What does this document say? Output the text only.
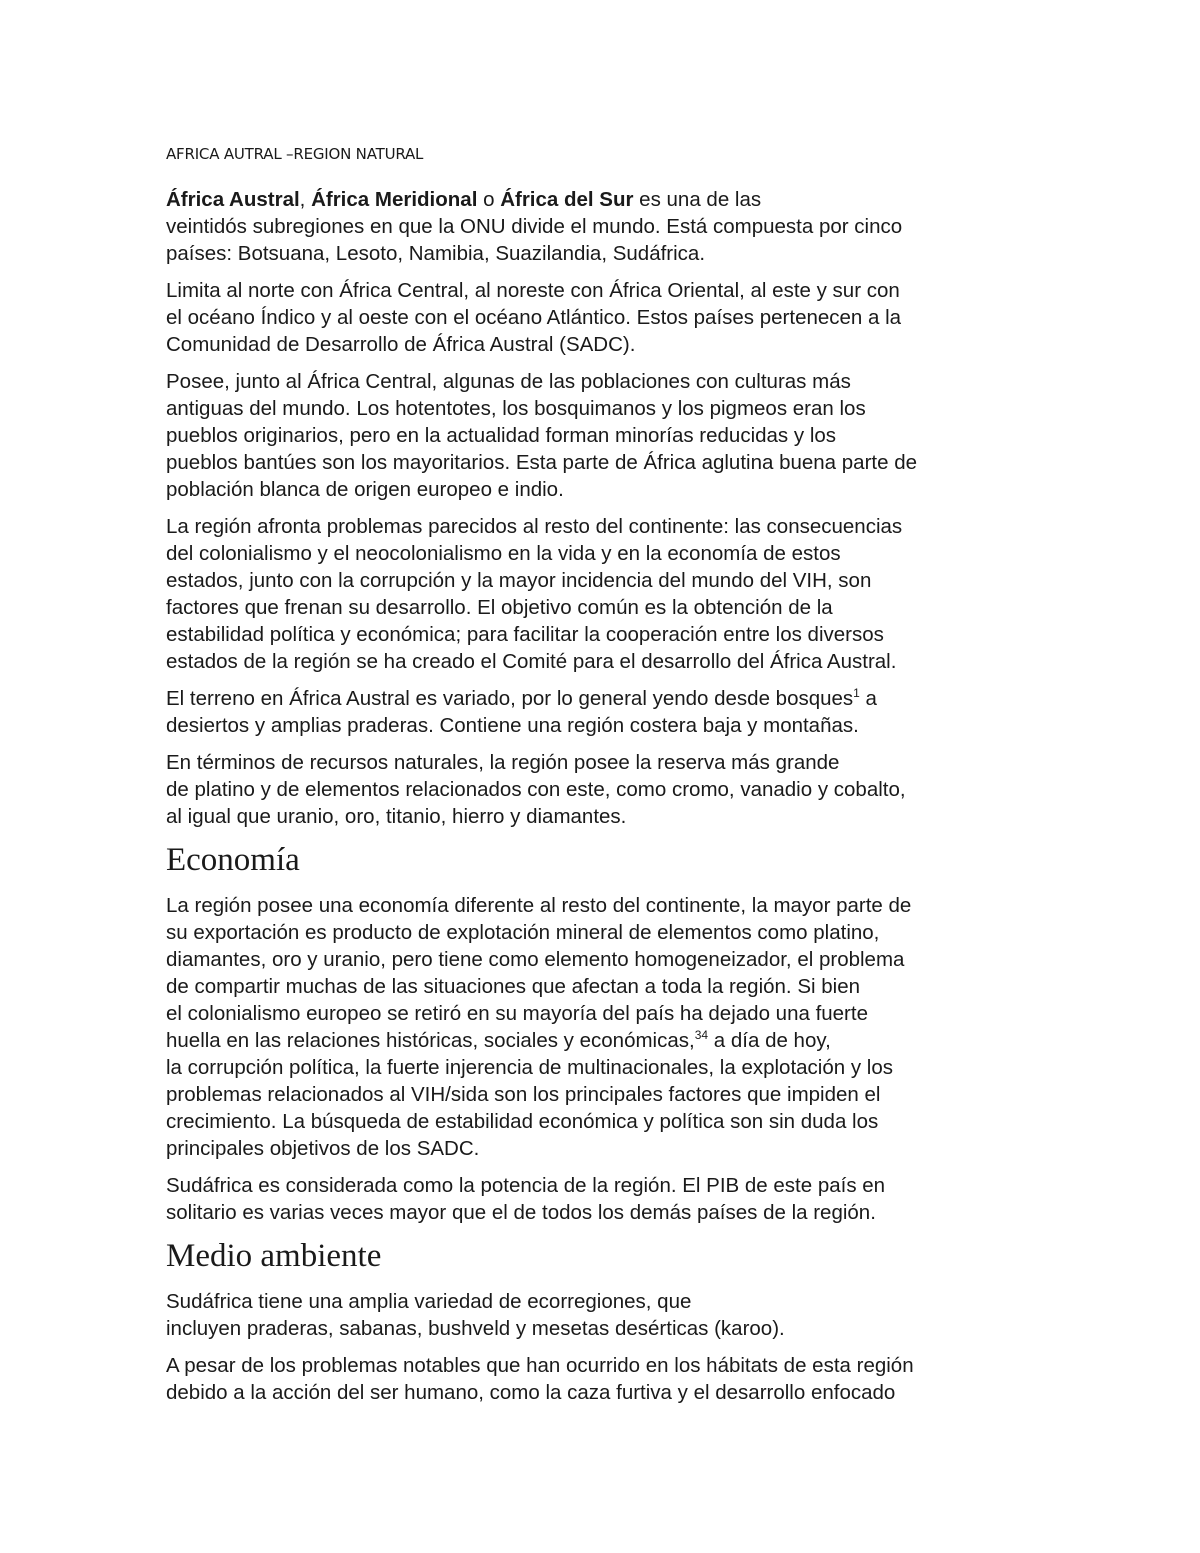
AFRICA AUTRAL –REGION NATURAL

África Austral, África Meridional o África del Sur es una de las
veintidós subregiones en que la ONU divide el mundo. Está compuesta por cinco
países: Botsuana, Lesoto, Namibia, Suazilandia, Sudáfrica.

Limita al norte con África Central, al noreste con África Oriental, al este y sur con
el océano Índico y al oeste con el océano Atlántico. Estos países pertenecen a la
Comunidad de Desarrollo de África Austral (SADC).

Posee, junto al África Central, algunas de las poblaciones con culturas más
antiguas del mundo. Los hotentotes, los bosquimanos y los pigmeos eran los
pueblos originarios, pero en la actualidad forman minorías reducidas y los
pueblos bantúes son los mayoritarios. Esta parte de África aglutina buena parte de
población blanca de origen europeo e indio.

La región afronta problemas parecidos al resto del continente: las consecuencias
del colonialismo y el neocolonialismo en la vida y en la economía de estos
estados, junto con la corrupción y la mayor incidencia del mundo del VIH, son
factores que frenan su desarrollo. El objetivo común es la obtención de la
estabilidad política y económica; para facilitar la cooperación entre los diversos
estados de la región se ha creado el Comité para el desarrollo del África Austral.

El terreno en África Austral es variado, por lo general yendo desde bosques$^1$ a
desiertos y amplias praderas. Contiene una región costera baja y montañas.

En términos de recursos naturales, la región posee la reserva más grande
de platino y de elementos relacionados con este, como cromo, vanadio y cobalto,
al igual que uranio, oro, titanio, hierro y diamantes.

Economía

La región posee una economía diferente al resto del continente, la mayor parte de
su exportación es producto de explotación mineral de elementos como platino,
diamantes, oro y uranio, pero tiene como elemento homogeneizador, el problema
de compartir muchas de las situaciones que afectan a toda la región. Si bien
el colonialismo europeo se retiró en su mayoría del país ha dejado una fuerte
huella en las relaciones históricas, sociales y económicas,$^{34}$ a día de hoy,
la corrupción política, la fuerte injerencia de multinacionales, la explotación y los
problemas relacionados al VIH/sida son los principales factores que impiden el
crecimiento. La búsqueda de estabilidad económica y política son sin duda los
principales objetivos de los SADC.

Sudáfrica es considerada como la potencia de la región. El PIB de este país en
solitario es varias veces mayor que el de todos los demás países de la región.

Medio ambiente

Sudáfrica tiene una amplia variedad de ecorregiones, que
incluyen praderas, sabanas, bushveld y mesetas desérticas (karoo).

A pesar de los problemas notables que han ocurrido en los hábitats de esta región
debido a la acción del ser humano, como la caza furtiva y el desarrollo enfocado
